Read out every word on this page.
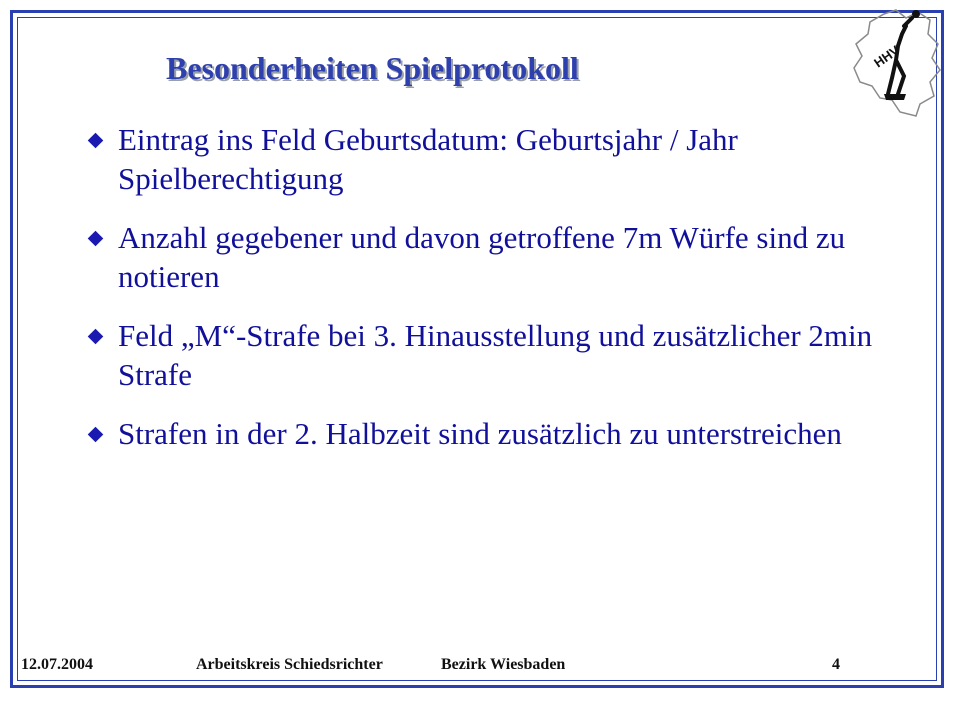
HHV
Besonderheiten Spielprotokoll
Eintrag ins Feld Geburtsdatum: Geburtsjahr / Jahr Spielberechtigung
Anzahl gegebener und davon getroffene 7m Würfe sind zu notieren
Feld „M“-Strafe bei 3. Hinausstellung und zusätzlicher 2min Strafe
Strafen in der 2. Halbzeit sind zusätzlich zu unterstreichen
12.07.2004	Arbeitskreis Schiedsrichter	Bezirk Wiesbaden	4
